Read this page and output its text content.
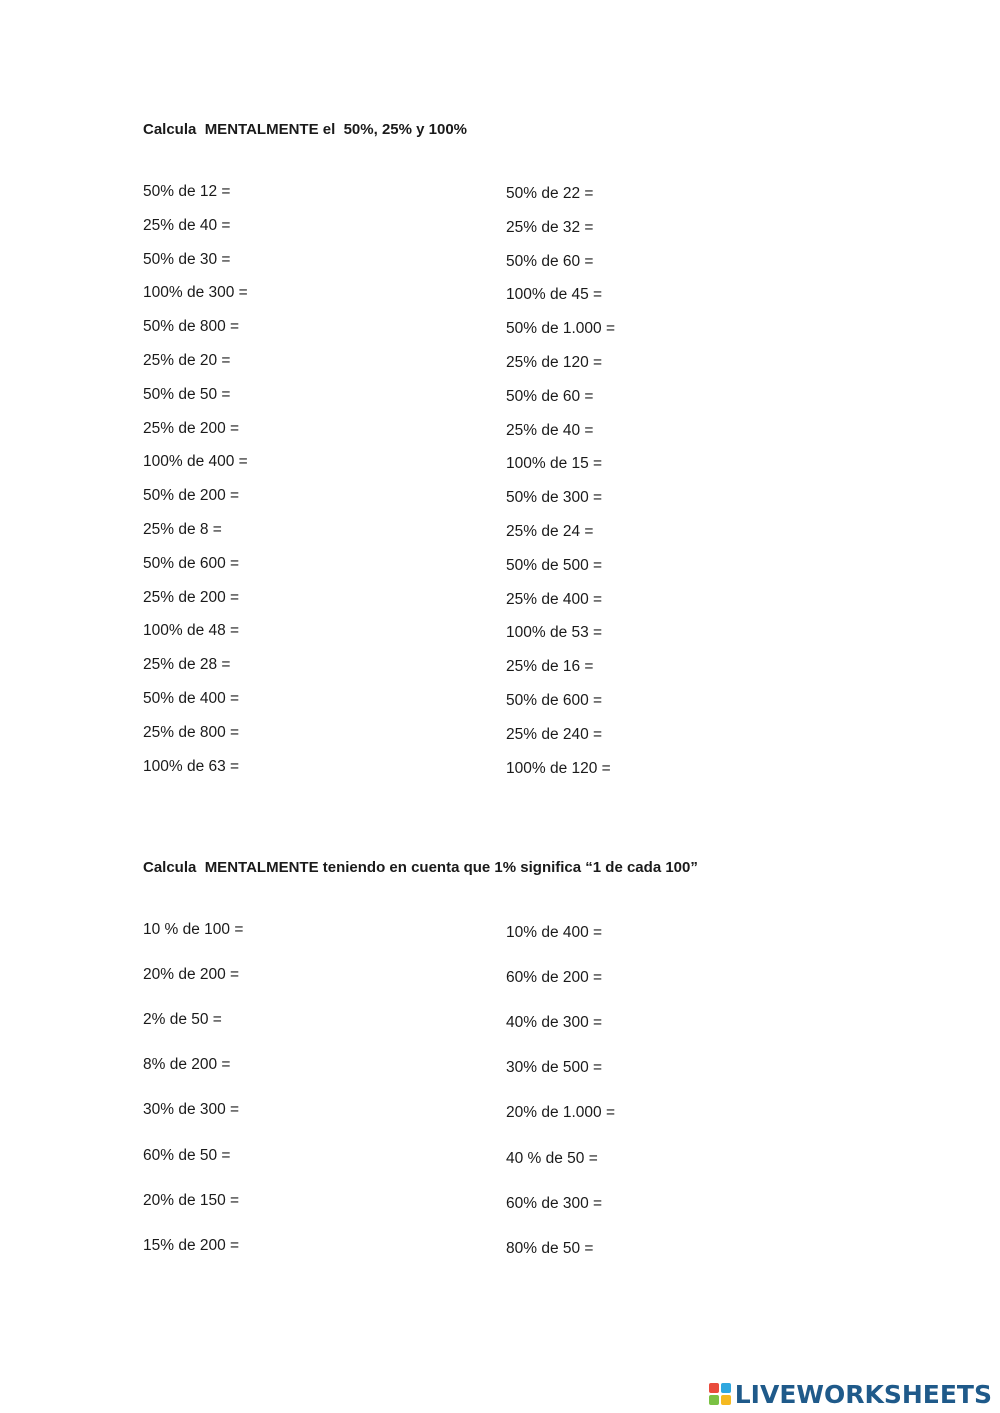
Calcula  MENTALMENTE el  50%, 25% y 100%
50% de 12 =
25% de 40 =
50% de 30 =
100% de 300 =
50% de 800 =
25% de 20 =
50% de 50 =
25% de 200 =
100% de 400 =
50% de 200 =
25% de 8 =
50% de 600 =
25% de 200 =
100% de 48 =
25% de 28 =
50% de 400 =
25% de 800 =
100% de 63 =
50% de 22 =
25% de 32 =
50% de 60 =
100% de 45 =
50% de 1.000 =
25% de 120 =
50% de 60 =
25% de 40 =
100% de 15 =
50% de 300 =
25% de 24 =
50% de 500 =
25% de 400 =
100% de 53 =
25% de 16 =
50% de 600 =
25% de 240 =
100% de 120 =
Calcula  MENTALMENTE teniendo en cuenta que 1% significa “1 de cada 100”
10 % de 100 =
20% de 200 =
2% de 50 =
8% de 200 =
30% de 300 =
60% de 50 =
20% de 150 =
15% de 200 =
10% de 400 =
60% de 200 =
40% de 300 =
30% de 500 =
20% de 1.000 =
40 % de 50 =
60% de 300 =
80% de 50 =
LIVEWORKSHEETS
